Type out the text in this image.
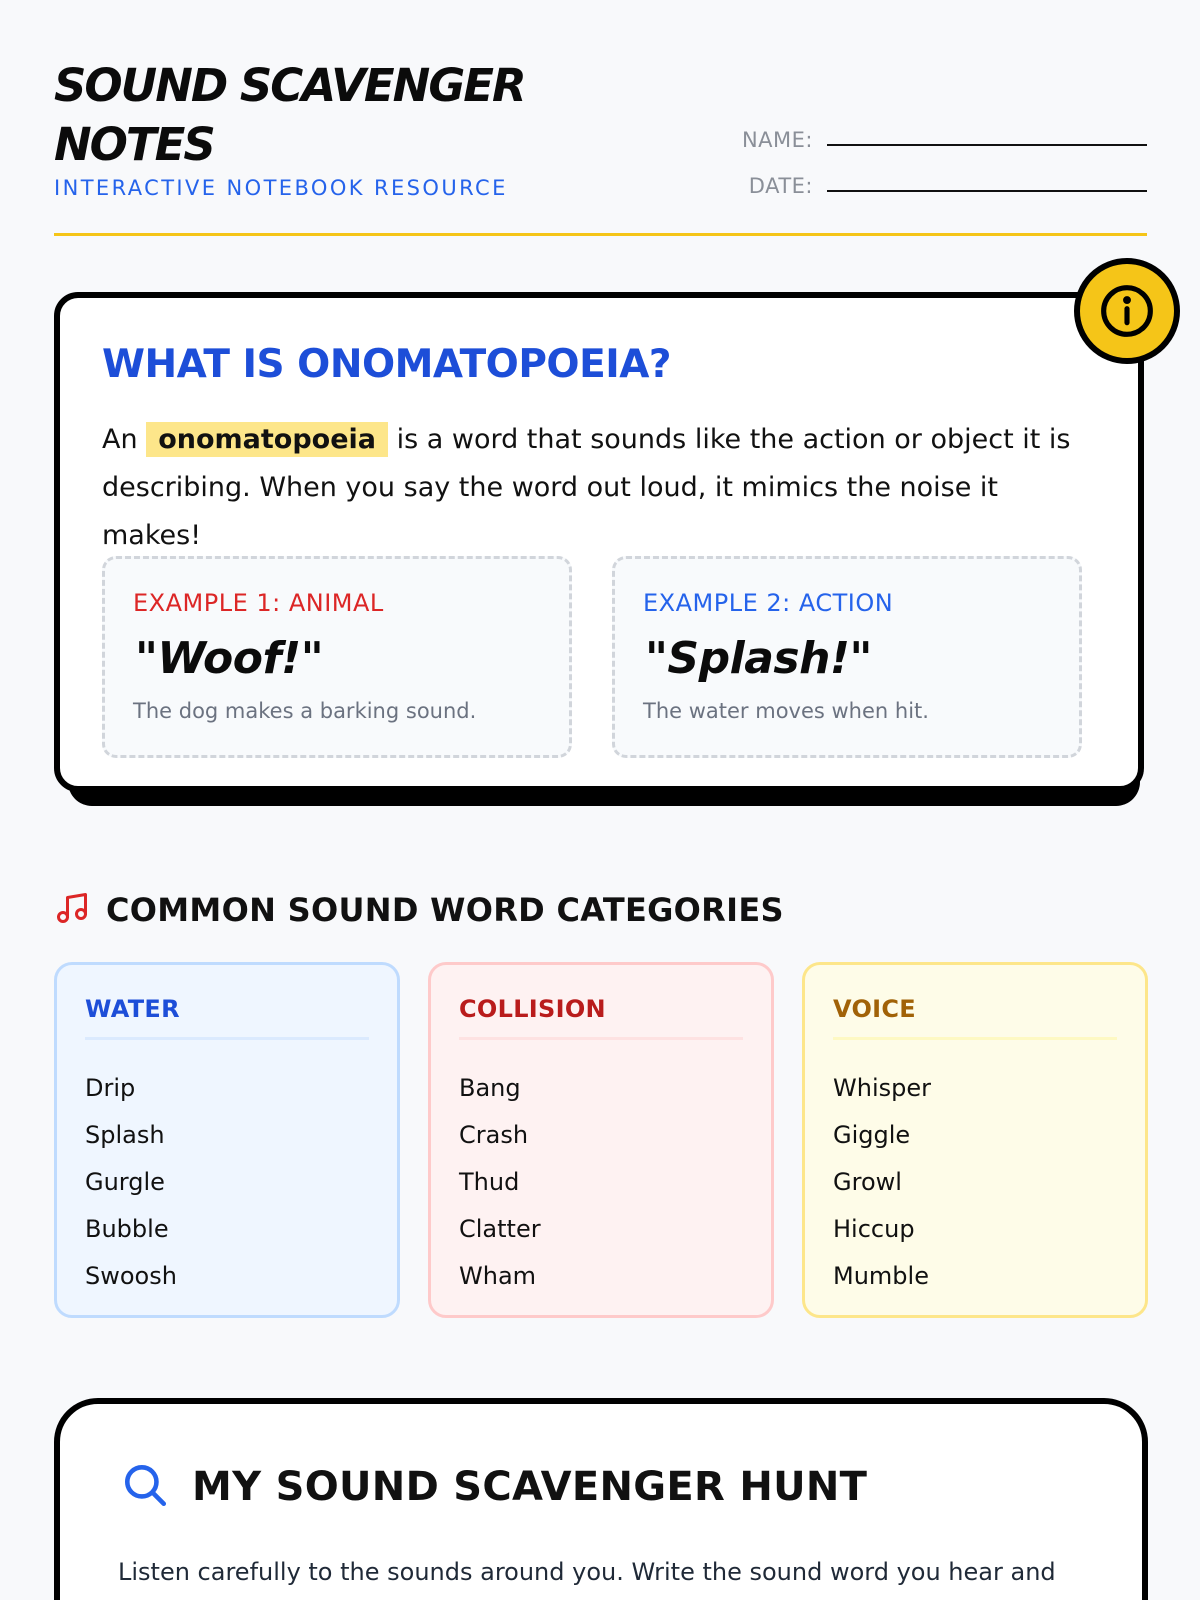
SOUND SCAVENGER NOTES
INTERACTIVE NOTEBOOK RESOURCE
NAME:
DATE:
WHAT IS ONOMATOPOEIA?

An onomatopoeia is a word that sounds like the action or object it is describing. When you say the word out loud, it mimics the noise it makes!

EXAMPLE 1: ANIMAL
"Woof!"
The dog makes a barking sound.
EXAMPLE 2: ACTION
"Splash!"
The water moves when hit.
COMMON SOUND WORD CATEGORIES
WATER
Drip
Splash
Gurgle
Bubble
Swoosh
COLLISION
Bang
Crash
Thud
Clatter
Wham
VOICE
Whisper
Giggle
Growl
Hiccup
Mumble
MY SOUND SCAVENGER HUNT

Listen carefully to the sounds around you. Write the sound word you hear and
